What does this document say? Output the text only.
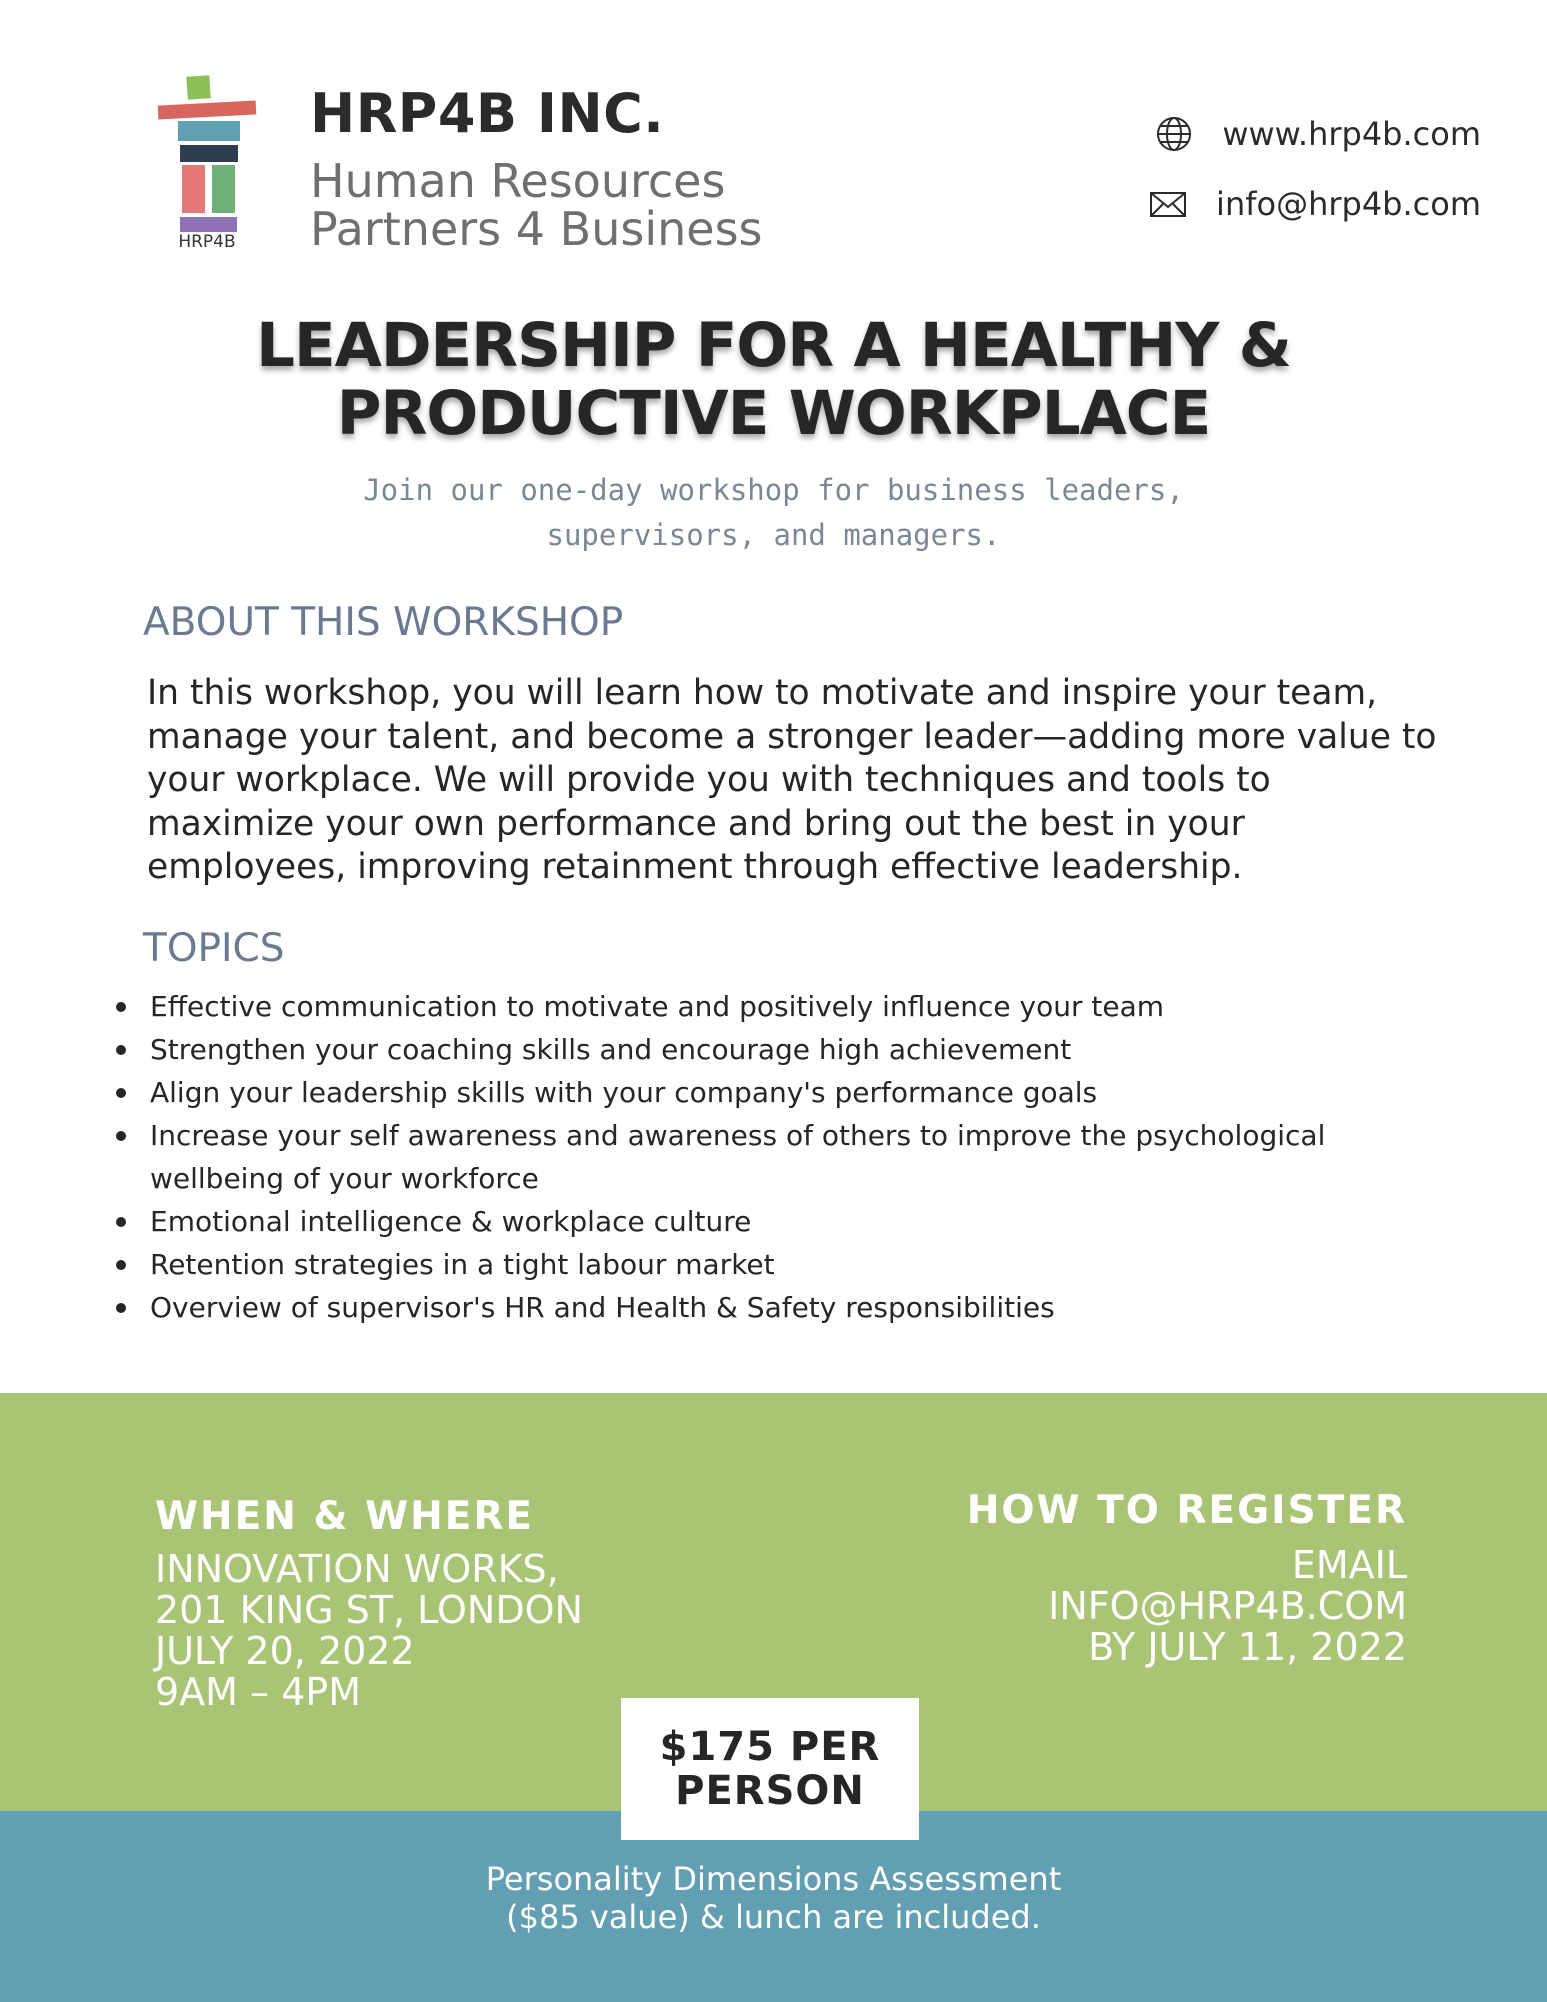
HRP4B
HRP4B INC.
Human Resources
Partners 4 Business
www.hrp4b.com
info@hrp4b.com
LEADERSHIP FOR A HEALTHY &
PRODUCTIVE WORKPLACE
Join our one-day workshop for business leaders,
supervisors, and managers.
ABOUT THIS WORKSHOP
In this workshop, you will learn how to motivate and inspire your team, manage your talent, and become a stronger leader—adding more value to your workplace. We will provide you with techniques and tools to maximize your own performance and bring out the best in your employees, improving retainment through effective leadership.
TOPICS
Effective communication to motivate and positively influence your team
Strengthen your coaching skills and encourage high achievement
Align your leadership skills with your company's performance goals
Increase your self awareness and awareness of others to improve the psychological wellbeing of your workforce
Emotional intelligence & workplace culture
Retention strategies in a tight labour market
Overview of supervisor's HR and Health & Safety responsibilities
WHEN & WHERE
INNOVATION WORKS,
201 KING ST, LONDON
JULY 20, 2022
9AM – 4PM
HOW TO REGISTER
EMAIL
INFO@HRP4B.COM
BY JULY 11, 2022
$175 PER
PERSON
Personality Dimensions Assessment
($85 value) & lunch are included.
